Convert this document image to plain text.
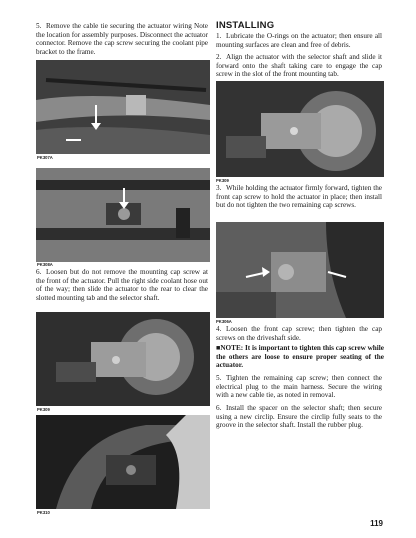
5. Remove the cable tie securing the actuator wiring Note the location for assembly purposes. Disconnect the actuator connector. Remove the cap screw securing the coolant pipe bracket to the frame.
PK307A
PK308A
6. Loosen but do not remove the mounting cap screw at the front of the actuator. Pull the right side coolant hose out of the way; then slide the actuator to the rear to clear the slotted mounting tab and the selector shaft.
PK309
PK310
INSTALLING
1. Lubricate the O-rings on the actuator; then ensure all mounting surfaces are clean and free of debris.
2. Align the actuator with the selector shaft and slide it forward onto the shaft taking care to engage the cap screw in the slot of the front mounting tab.
PK309
3. While holding the actuator firmly forward, tighten the front cap screw to hold the actuator in place; then install but do not tighten the two remaining cap screws.
PK306A
4. Loosen the front cap screw; then tighten the cap screws on the driveshaft side.
■NOTE: It is important to tighten this cap screw while the others are loose to ensure proper seating of the actuator.
5. Tighten the remaining cap screw; then connect the electrical plug to the main harness. Secure the wiring with a new cable tie, as noted in removal.
6. Install the spacer on the selector shaft; then secure using a new circlip. Ensure the circlip fully seats to the groove in the selector shaft. Install the rubber plug.
119
